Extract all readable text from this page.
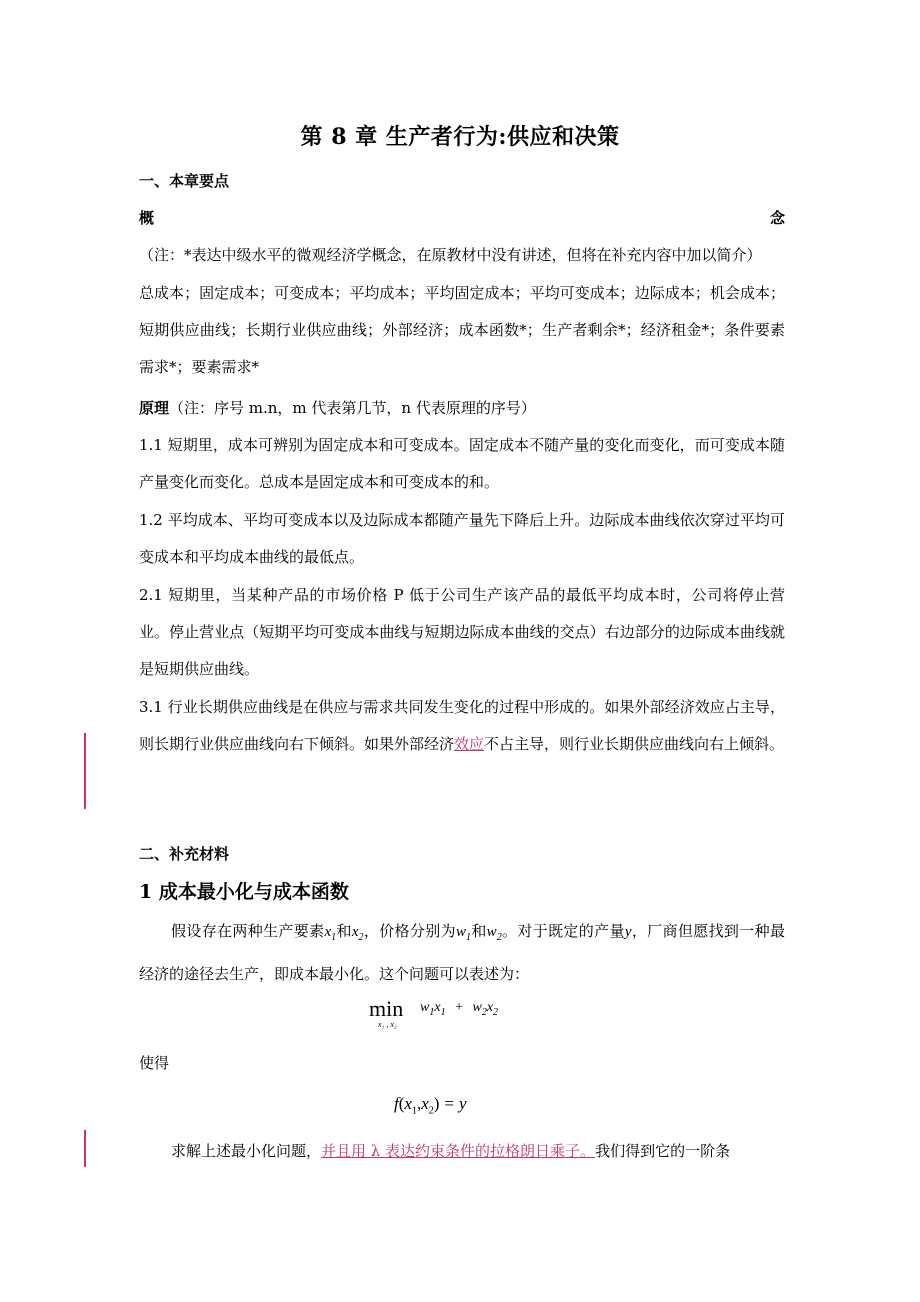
第 8 章 生产者行为:供应和决策
一、本章要点
概念（注：*表达中级水平的微观经济学概念，在原教材中没有讲述，但将在补充内容中加以简介）
总成本；固定成本；可变成本；平均成本；平均固定成本；平均可变成本；边际成本；机会成本；短期供应曲线；长期行业供应曲线；外部经济；成本函数*；生产者剩余*；经济租金*；条件要素需求*；要素需求*
原理（注：序号 m.n，m 代表第几节，n 代表原理的序号）
1.1 短期里，成本可辨别为固定成本和可变成本。固定成本不随产量的变化而变化，而可变成本随产量变化而变化。总成本是固定成本和可变成本的和。
1.2 平均成本、平均可变成本以及边际成本都随产量先下降后上升。边际成本曲线依次穿过平均可变成本和平均成本曲线的最低点。
2.1 短期里，当某种产品的市场价格 P 低于公司生产该产品的最低平均成本时，公司将停止营业。停止营业点（短期平均可变成本曲线与短期边际成本曲线的交点）右边部分的边际成本曲线就是短期供应曲线。
3.1 行业长期供应曲线是在供应与需求共同发生变化的过程中形成的。如果外部经济效应占主导，则长期行业供应曲线向右下倾斜。如果外部经济效应不占主导，则行业长期供应曲线向右上倾斜。
二、补充材料
1 成本最小化与成本函数
假设存在两种生产要素$x_1$和$x_2$，价格分别为$w_1$和$w_2$。对于既定的产量y，厂商但愿找到一种最经济的途径去生产，即成本最小化。这个问题可以表述为：
min
x₁ , x₂
$w_1x_1 + w_2x_2$
使得
$f(x_1,x_2) = y$
求解上述最小化问题，并且用 λ 表达约束条件的拉格朗日乘子。我们得到它的一阶条
